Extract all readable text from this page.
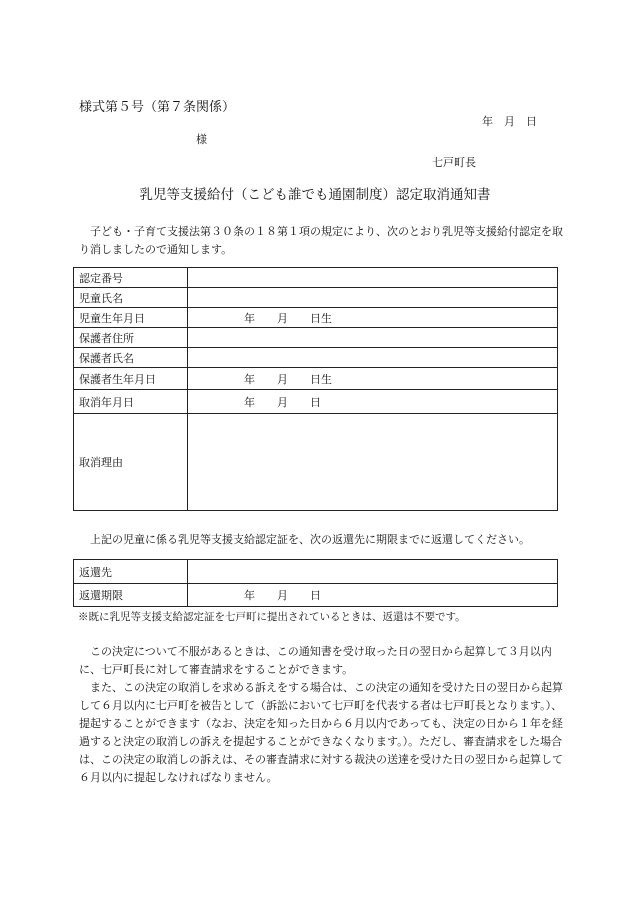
様式第５号（第７条関係）
年　月　日
様
七戸町長
乳児等支援給付（こども誰でも通園制度）認定取消通知書
子ども・子育て支援法第３０条の１８第１項の規定により、次のとおり乳児等支援給付認定を取り消しましたので通知します。
認定番号	
児童氏名	
児童生年月日	年　　月　　日生
保護者住所	
保護者氏名	
保護者生年月日	年　　月　　日生
取消年月日	年　　月　　日
取消理由	
上記の児童に係る乳児等支援支給認定証を、次の返還先に期限までに返還してください。
返還先	
返還期限	年　　月　　日
※既に乳児等支援支給認定証を七戸町に提出されているときは、返還は不要です。
この決定について不服があるときは、この通知書を受け取った日の翌日から起算して３月以内に、七戸町長に対して審査請求をすることができます。
また、この決定の取消しを求める訴えをする場合は、この決定の通知を受けた日の翌日から起算して６月以内に七戸町を被告として（訴訟において七戸町を代表する者は七戸町長となります。）、提起することができます（なお、決定を知った日から６月以内であっても、決定の日から１年を経過すると決定の取消しの訴えを提起することができなくなります。）。ただし、審査請求をした場合は、この決定の取消しの訴えは、その審査請求に対する裁決の送達を受けた日の翌日から起算して６月以内に提起しなければなりません。
